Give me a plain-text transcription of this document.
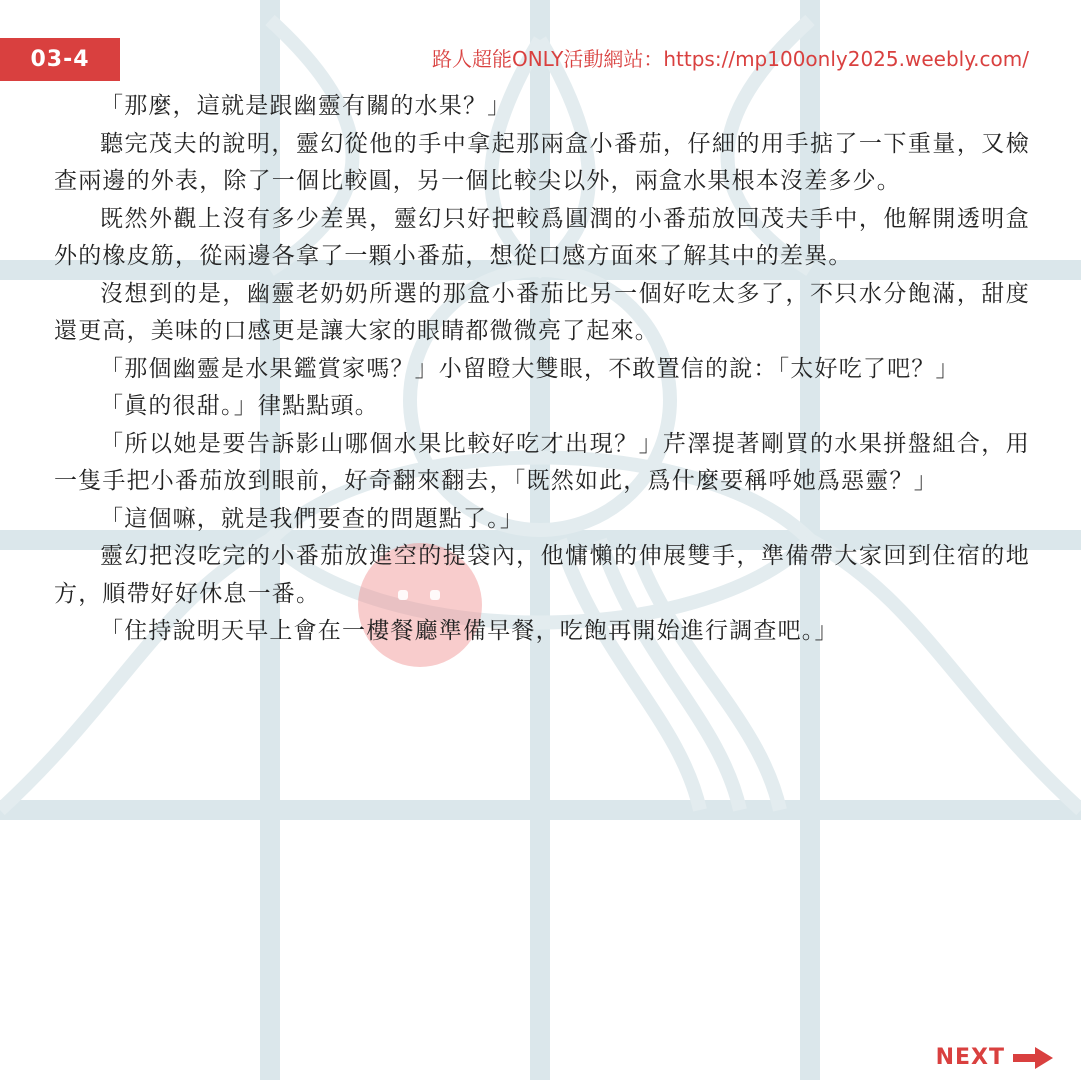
03-4	路人超能ONLY活動網站：https://mp100only2025.weebly.com/

「那麼，這就是跟幽靈有關的水果？」

聽完茂夫的說明，靈幻從他的手中拿起那兩盒小番茄，仔細的用手掂了一下重量，又檢查兩邊的外表，除了一個比較圓，另一個比較尖以外，兩盒水果根本沒差多少。

既然外觀上沒有多少差異，靈幻只好把較爲圓潤的小番茄放回茂夫手中，他解開透明盒外的橡皮筋，從兩邊各拿了一顆小番茄，想從口感方面來了解其中的差異。

沒想到的是，幽靈老奶奶所選的那盒小番茄比另一個好吃太多了，不只水分飽滿，甜度還更高，美味的口感更是讓大家的眼睛都微微亮了起來。

「那個幽靈是水果鑑賞家嗎？」小留瞪大雙眼，不敢置信的說：「太好吃了吧？」

「眞的很甜。」律點點頭。

「所以她是要告訴影山哪個水果比較好吃才出現？」芹澤提著剛買的水果拼盤組合，用一隻手把小番茄放到眼前，好奇翻來翻去，「既然如此，爲什麼要稱呼她爲惡靈？」

「這個嘛，就是我們要查的問題點了。」

靈幻把沒吃完的小番茄放進空的提袋內，他慵懶的伸展雙手，準備帶大家回到住宿的地方，順帶好好休息一番。

「住持說明天早上會在一樓餐廳準備早餐，吃飽再開始進行調查吧。」

NEXT
